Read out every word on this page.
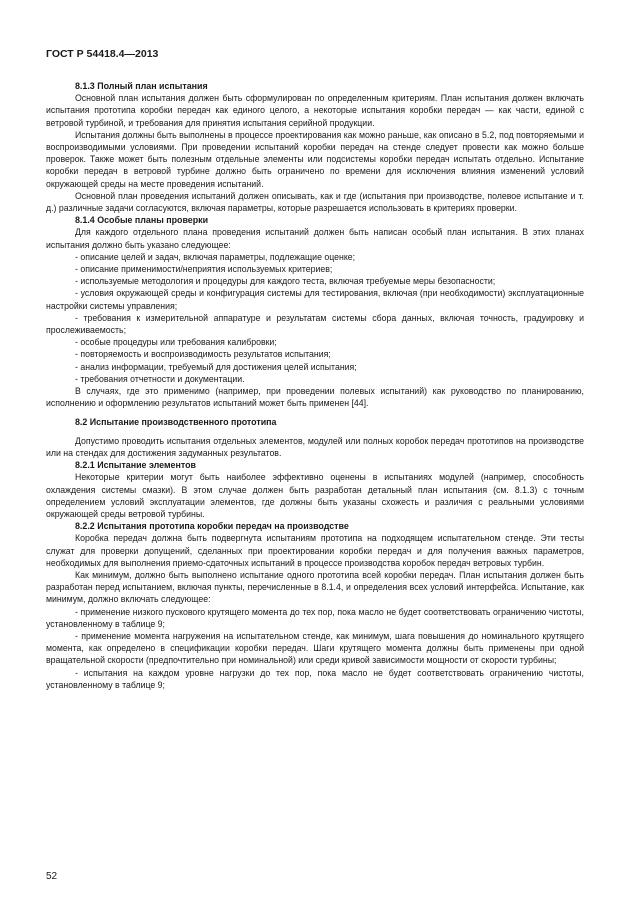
ГОСТ Р 54418.4—2013
8.1.3 Полный план испытания

Основной план испытания должен быть сформулирован по определенным критериям. План испытания должен включать испытания прототипа коробки передач как единого целого, а некоторые испытания коробки передач — как части, единой с ветровой турбиной, и требования для принятия испытания серийной продукции.

Испытания должны быть выполнены в процессе проектирования как можно раньше, как описано в 5.2, под повторяемыми и воспроизводимыми условиями. При проведении испытаний коробки передач на стенде следует провести как можно больше проверок. Также может быть полезным отдельные элементы или подсистемы коробки передач испытать отдельно. Испытание коробки передач в ветровой турбине должно быть ограничено по времени для исключения влияния изменений условий окружающей среды на месте проведения испытаний.

Основной план проведения испытаний должен описывать, как и где (испытания при производстве, полевое испытание и т. д.) различные задачи согласуются, включая параметры, которые разрешается использовать в критериях проверки.

8.1.4 Особые планы проверки

Для каждого отдельного плана проведения испытаний должен быть написан особый план испытания. В этих планах испытания должно быть указано следующее:

- описание целей и задач, включая параметры, подлежащие оценке;

- описание применимости/неприятия используемых критериев;

- используемые методология и процедуры для каждого теста, включая требуемые меры безопасности;

- условия окружающей среды и конфигурация системы для тестирования, включая (при необходимости) эксплуатационные настройки системы управления;

- требования к измерительной аппаратуре и результатам системы сбора данных, включая точность, градуировку и прослеживаемость;

- особые процедуры или требования калибровки;

- повторяемость и воспроизводимость результатов испытания;

- анализ информации, требуемый для достижения целей испытания;

- требования отчетности и документации.

В случаях, где это применимо (например, при проведении полевых испытаний) как руководство по планированию, исполнению и оформлению результатов испытаний может быть применен [44].

8.2 Испытание производственного прототипа

Допустимо проводить испытания отдельных элементов, модулей или полных коробок передач прототипов на производстве или на стендах для достижения задуманных результатов.

8.2.1 Испытание элементов

Некоторые критерии могут быть наиболее эффективно оценены в испытаниях модулей (например, способность охлаждения системы смазки). В этом случае должен быть разработан детальный план испытания (см. 8.1.3) с точным определением условий эксплуатации элементов, где должны быть указаны схожесть и различия с реальными условиями окружающей среды ветровой турбины.

8.2.2 Испытания прототипа коробки передач на производстве

Коробка передач должна быть подвергнута испытаниям прототипа на подходящем испытательном стенде. Эти тесты служат для проверки допущений, сделанных при проектировании коробки передач и для получения важных параметров, необходимых для выполнения приемо-сдаточных испытаний в процессе производства коробок передач ветровых турбин.

Как минимум, должно быть выполнено испытание одного прототипа всей коробки передач. План испытания должен быть разработан перед испытанием, включая пункты, перечисленные в 8.1.4, и определения всех условий интерфейса. Испытание, как минимум, должно включать следующее:

- применение низкого пускового крутящего момента до тех пор, пока масло не будет соответствовать ограничению чистоты, установленному в таблице 9;

- применение момента нагружения на испытательном стенде, как минимум, шага повышения до номинального крутящего момента, как определено в спецификации коробки передач. Шаги крутящего момента должны быть применены при одной вращательной скорости (предпочтительно при номинальной) или среди кривой зависимости мощности от скорости турбины;

- испытания на каждом уровне нагрузки до тех пор, пока масло не будет соответствовать ограничению чистоты, установленному в таблице 9;

52
